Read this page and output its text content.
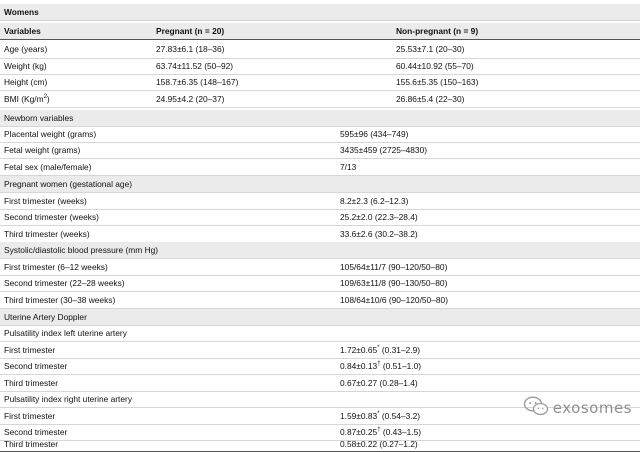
Womens
Variables	Pregnant (n = 20)	Non-pregnant (n = 9)
Age (years)	27.83±6.1 (18–36)	25.53±7.1 (20–30)
Weight (kg)	63.74±11.52 (50–92)	60.44±10.92 (55–70)
Height (cm)	158.7±6.35 (148–167)	155.6±5.35 (150–163)
BMI $(Kg/m^2)$	24.95±4.2 (20–37)	26.86±5.4 (22–30)
Newborn variables
Placental weight (grams)	595±96 (434–749)
Fetal weight (grams)	3435±459 (2725–4830)
Fetal sex (male/female)	7/13
Pregnant women (gestational age)
First trimester (weeks)	8.2±2.3 (6.2–12.3)
Second trimester (weeks)	25.2±2.0 (22.3–28.4)
Third trimester (weeks)	33.6±2.6 (30.2–38.2)
Systolic/diastolic blood pressure (mm Hg)
First trimester (6–12 weeks)	105/64±11/7 (90–120/50–80)
Second trimester (22–28 weeks)	109/63±11/8 (90–130/50–80)
Third trimester (30–38 weeks)	108/64±10/6 (90–120/50–80)
Uterine Artery Doppler
Pulsatility index left uterine artery
First trimester	1.72±0.65* (0.31–2.9)
Second trimester	0.84±0.13† (0.51–1.0)
Third trimester	0.67±0.27 (0.28–1.4)
Pulsatility index right uterine artery
First trimester	1.59±0.83* (0.54–3.2)
Second trimester	0.87±0.25† (0.43–1.5)
Third trimester	0.58±0.22 (0.27–1.2)
exosomes
